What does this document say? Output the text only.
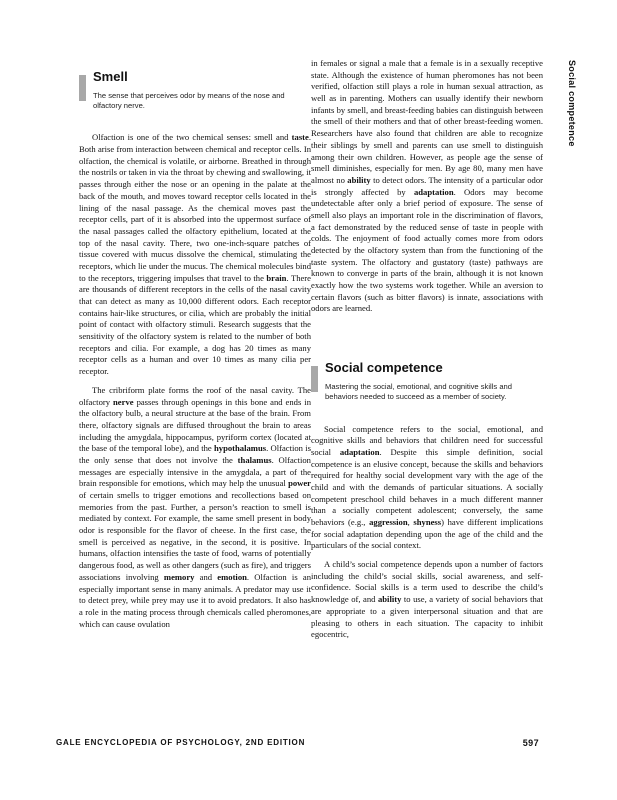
Smell
The sense that perceives odor by means of the nose and olfactory nerve.

Olfaction is one of the two chemical senses: smell and taste. Both arise from interaction between chemical and receptor cells. In olfaction, the chemical is volatile, or airborne. Breathed in through the nostrils or taken in via the throat by chewing and swallowing, it passes through either the nose or an opening in the palate at the back of the mouth, and moves toward receptor cells located in the lining of the nasal passage. As the chemical moves past the receptor cells, part of it is absorbed into the uppermost surface of the nasal passages called the olfactory epithelium, located at the top of the nasal cavity. There, two one-inch-square patches of tissue covered with mucus dissolve the chemical, stimulating the receptors, which lie under the mucus. The chemical molecules bind to the receptors, triggering impulses that travel to the brain. There are thousands of different receptors in the cells of the nasal cavity that can detect as many as 10,000 different odors. Each receptor contains hair-like structures, or cilia, which are probably the initial point of contact with olfactory stimuli. Research suggests that the sensitivity of the olfactory system is related to the number of both receptors and cilia. For example, a dog has 20 times as many receptor cells as a human and over 10 times as many cilia per receptor.

The cribriform plate forms the roof of the nasal cavity. The olfactory nerve passes through openings in this bone and ends in the olfactory bulb, a neural structure at the base of the brain. From there, olfactory signals are diffused throughout the brain to areas including the amygdala, hippocampus, pyriform cortex (located at the base of the temporal lobe), and the hypothalamus. Olfaction is the only sense that does not involve the thalamus. Olfaction messages are especially intensive in the amygdala, a part of the brain responsible for emotions, which may help the unusual power of certain smells to trigger emotions and recollections based on memories from the past. Further, a person’s reaction to smell is mediated by context. For example, the same smell present in body odor is responsible for the flavor of cheese. In the first case, the smell is perceived as negative, in the second, it is positive. In humans, olfaction intensifies the taste of food, warns of potentially dangerous food, as well as other dangers (such as fire), and triggers associations involving memory and emotion. Olfaction is an especially important sense in many animals. A predator may use it to detect prey, while prey may use it to avoid predators. It also has a role in the mating process through chemicals called pheromones, which can cause ovulation

in females or signal a male that a female is in a sexually receptive state. Although the existence of human pheromones has not been verified, olfaction still plays a role in human sexual attraction, as well as in parenting. Mothers can usually identify their newborn infants by smell, and breast-feeding babies can distinguish between the smell of their mothers and that of other breast-feeding women. Researchers have also found that children are able to recognize their siblings by smell and parents can use smell to distinguish among their own children. However, as people age the sense of smell diminishes, especially for men. By age 80, many men have almost no ability to detect odors. The intensity of a particular odor is strongly affected by adaptation. Odors may become undetectable after only a brief period of exposure. The sense of smell also plays an important role in the discrimination of flavors, a fact demonstrated by the reduced sense of taste in people with colds. The enjoyment of food actually comes more from odors detected by the olfactory system than from the functioning of the taste system. The olfactory and gustatory (taste) pathways are known to converge in parts of the brain, although it is not known exactly how the two systems work together. While an aversion to certain flavors (such as bitter flavors) is innate, associations with odors are learned.

Social competence
Mastering the social, emotional, and cognitive skills and behaviors needed to succeed as a member of society.

Social competence refers to the social, emotional, and cognitive skills and behaviors that children need for successful social adaptation. Despite this simple definition, social competence is an elusive concept, because the skills and behaviors required for healthy social development vary with the age of the child and with the demands of particular situations. A socially competent preschool child behaves in a much different manner than a socially competent adolescent; conversely, the same behaviors (e.g., aggression, shyness) have different implications for social adaptation depending upon the age of the child and the particulars of the social context.

A child’s social competence depends upon a number of factors including the child’s social skills, social awareness, and self-confidence. Social skills is a term used to describe the child’s knowledge of, and ability to use, a variety of social behaviors that are appropriate to a given interpersonal situation and that are pleasing to others in each situation. The capacity to inhibit egocentric,

Social competence
GALE ENCYCLOPEDIA OF PSYCHOLOGY, 2ND EDITION	597
